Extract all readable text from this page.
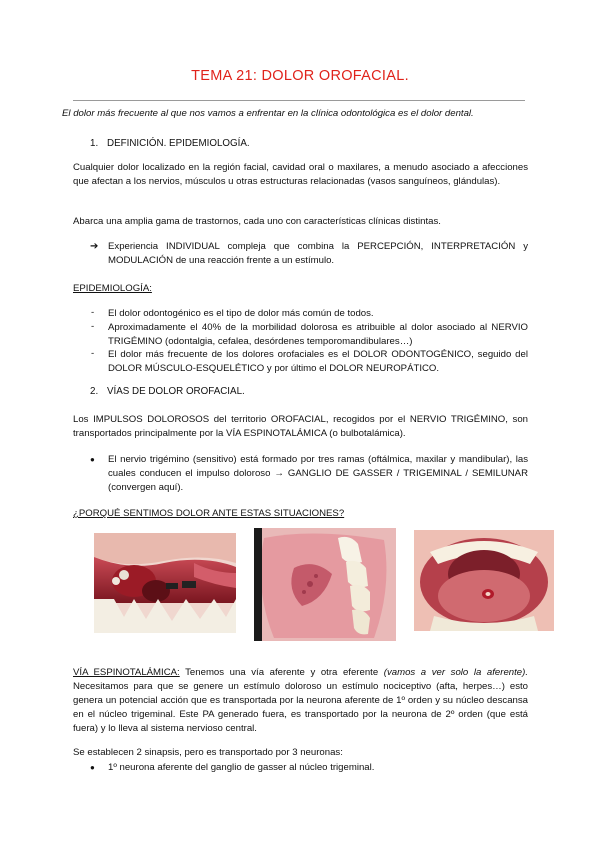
TEMA 21: DOLOR OROFACIAL.
El dolor más frecuente al que nos vamos a enfrentar en la clínica odontológica es el dolor dental.
1. DEFINICIÓN. EPIDEMIOLOGÍA.
Cualquier dolor localizado en la región facial, cavidad oral o maxilares, a menudo asociado a afecciones que afectan a los nervios, músculos u otras estructuras relacionadas (vasos sanguíneos, glándulas).
Abarca una amplia gama de trastornos, cada uno con características clínicas distintas.
➔ Experiencia INDIVIDUAL compleja que combina la PERCEPCIÓN, INTERPRETACIÓN y MODULACIÓN de una reacción frente a un estímulo.
EPIDEMIOLOGÍA:
- El dolor odontogénico es el tipo de dolor más común de todos.
- Aproximadamente el 40% de la morbilidad dolorosa es atribuible al dolor asociado al NERVIO TRIGÉMINO (odontalgia, cefalea, desórdenes temporomandibulares…)
- El dolor más frecuente de los dolores orofaciales es el DOLOR ODONTOGÉNICO, seguido del DOLOR MÚSCULO-ESQUELÉTICO y por último el DOLOR NEUROPÁTICO.
2. VÍAS DE DOLOR OROFACIAL.
Los IMPULSOS DOLOROSOS del territorio OROFACIAL, recogidos por el NERVIO TRIGÉMINO, son transportados principalmente por la VÍA ESPINOTALÁMICA (o bulbotalámica).
● El nervio trigémino (sensitivo) está formado por tres ramas (oftálmica, maxilar y mandibular), las cuales conducen el impulso doloroso → GANGLIO DE GASSER / TRIGEMINAL / SEMILUNAR (convergen aquí).
¿PORQUÉ SENTIMOS DOLOR ANTE ESTAS SITUACIONES?
VÍA ESPINOTALÁMICA: Tenemos una vía aferente y otra eferente (vamos a ver solo la aferente). Necesitamos para que se genere un estímulo doloroso un estímulo nociceptivo (afta, herpes…) esto genera un potencial acción que es transportada por la neurona aferente de 1º orden y su núcleo descansa en el núcleo trigeminal. Este PA generado fuera, es transportado por la neurona de 2º orden (que está fuera) y lo lleva al sistema nervioso central.
Se establecen 2 sinapsis, pero es transportado por 3 neuronas:
● 1º neurona aferente del ganglio de gasser al núcleo trigeminal.
